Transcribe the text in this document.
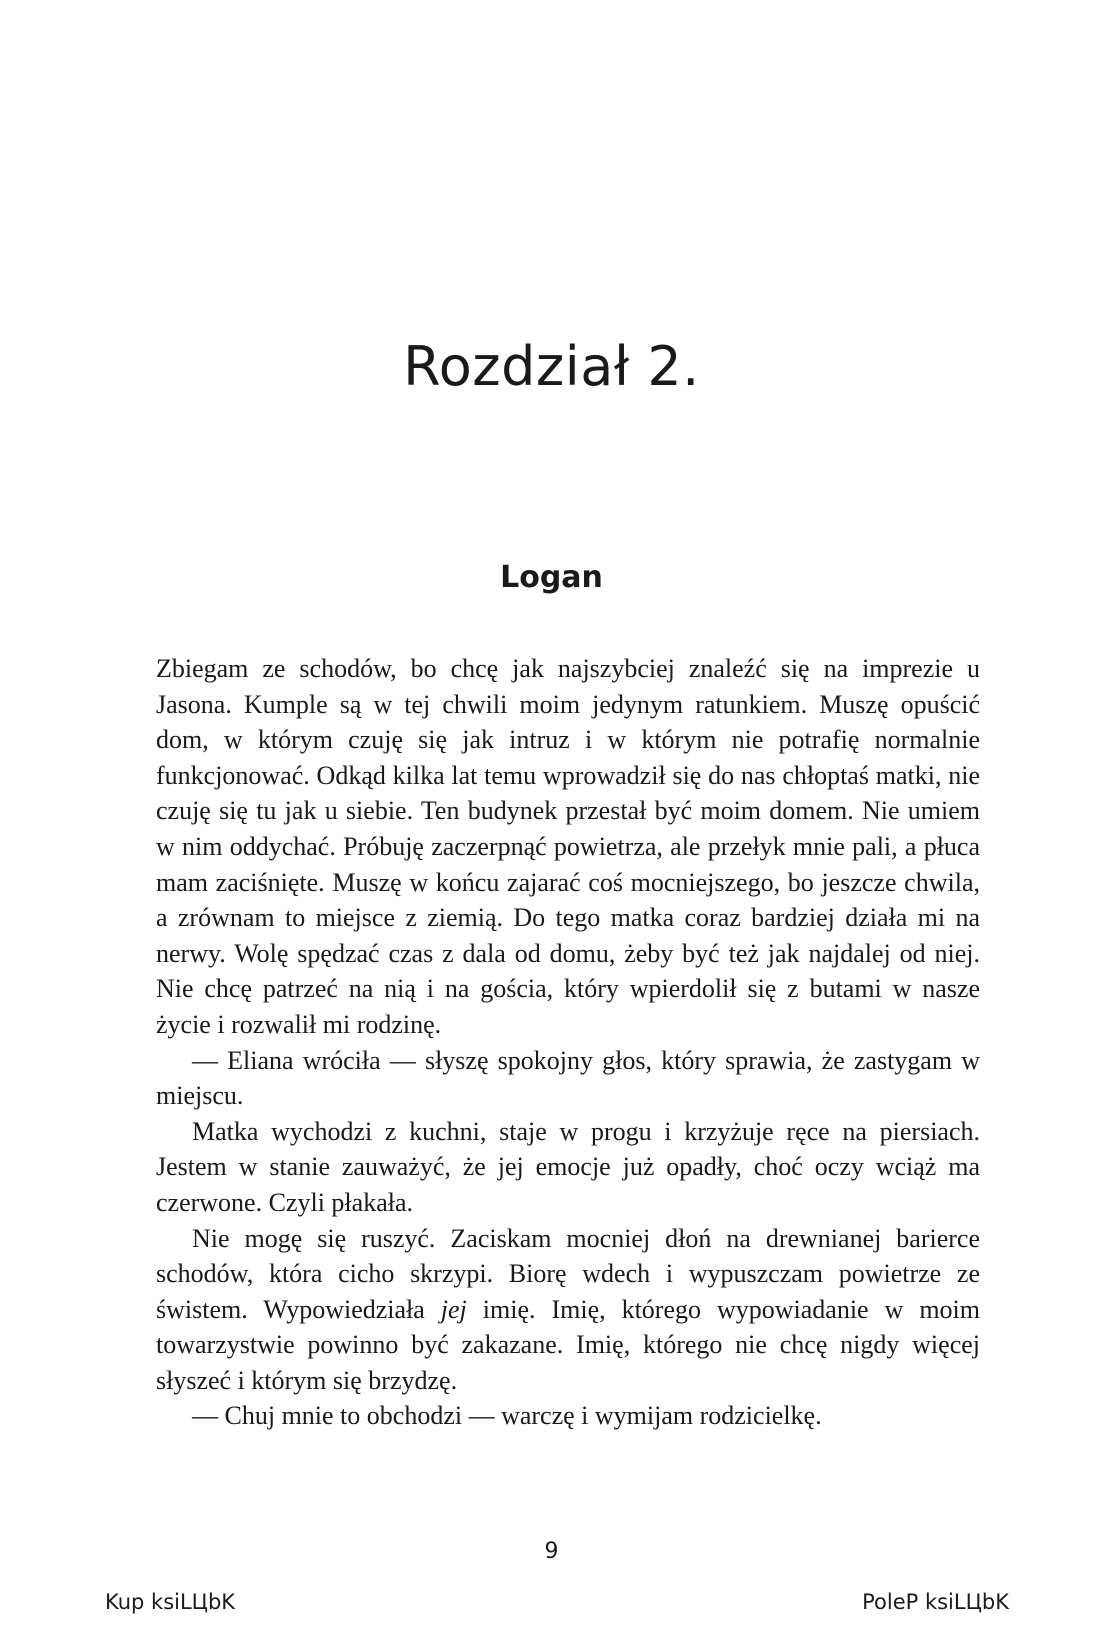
Rozdział 2.
Logan

Zbiegam ze schodów, bo chcę jak najszybciej znaleźć się na imprezie u Jasona. Kumple są w tej chwili moim jedynym ratunkiem. Muszę opuścić dom, w którym czuję się jak intruz i w którym nie potrafię normalnie funkcjonować. Odkąd kilka lat temu wprowadził się do nas chłoptaś matki, nie czuję się tu jak u siebie. Ten budynek przestał być moim domem. Nie umiem w nim oddychać. Próbuję zaczerpnąć powietrza, ale przełyk mnie pali, a płuca mam zaciśnięte. Muszę w końcu zajarać coś mocniejszego, bo jeszcze chwila, a zrównam to miejsce z ziemią. Do tego matka coraz bardziej działa mi na nerwy. Wolę spędzać czas z dala od domu, żeby być też jak najdalej od niej. Nie chcę patrzeć na nią i na gościa, który wpierdolił się z butami w nasze życie i rozwalił mi rodzinę.

— Eliana wróciła — słyszę spokojny głos, który sprawia, że zastygam w miejscu.

Matka wychodzi z kuchni, staje w progu i krzyżuje ręce na piersiach. Jestem w stanie zauważyć, że jej emocje już opadły, choć oczy wciąż ma czerwone. Czyli płakała.

Nie mogę się ruszyć. Zaciskam mocniej dłoń na drewnianej barierce schodów, która cicho skrzypi. Biorę wdech i wypuszczam powietrze ze świstem. Wypowiedziała jej imię. Imię, którego wypowiadanie w moim towarzystwie powinno być zakazane. Imię, którego nie chcę nigdy więcej słyszeć i którym się brzydzę.

— Chuj mnie to obchodzi — warczę i wymijam rodzicielkę.

9
Kup ksiLЦbK	PoleP ksiLЦbK
